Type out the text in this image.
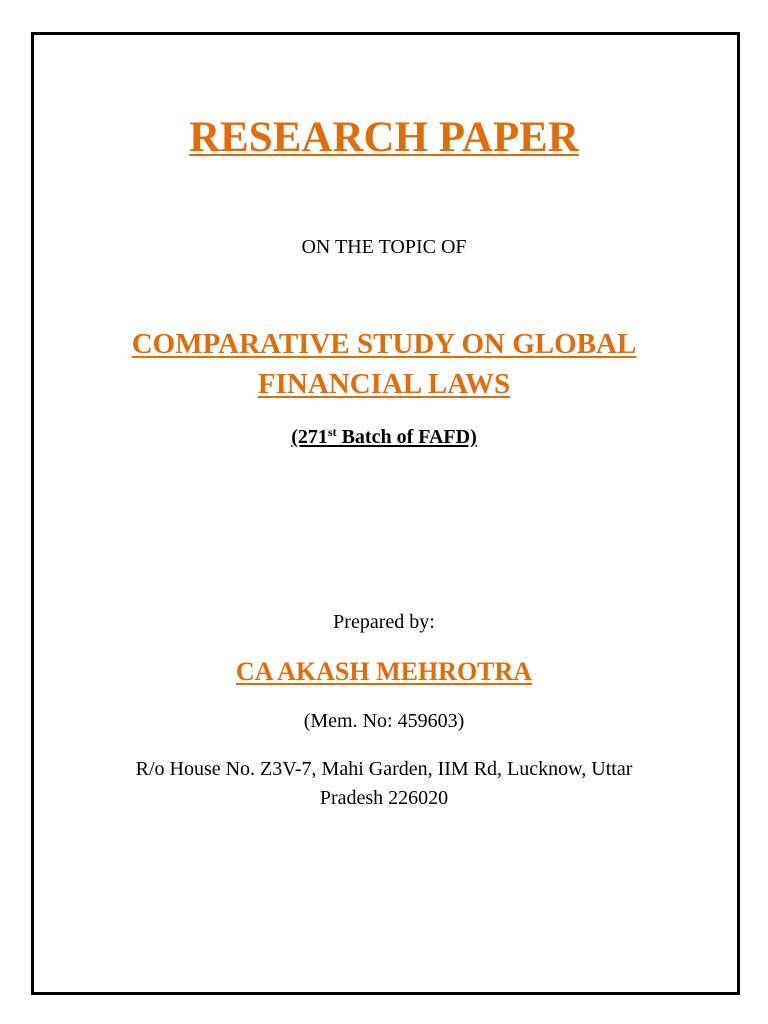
RESEARCH PAPER
ON THE TOPIC OF
COMPARATIVE STUDY ON GLOBAL
FINANCIAL LAWS
(271st Batch of FAFD)
Prepared by:
CA AKASH MEHROTRA
(Mem. No: 459603)
R/o House No. Z3V-7, Mahi Garden, IIM Rd, Lucknow, Uttar
Pradesh 226020
